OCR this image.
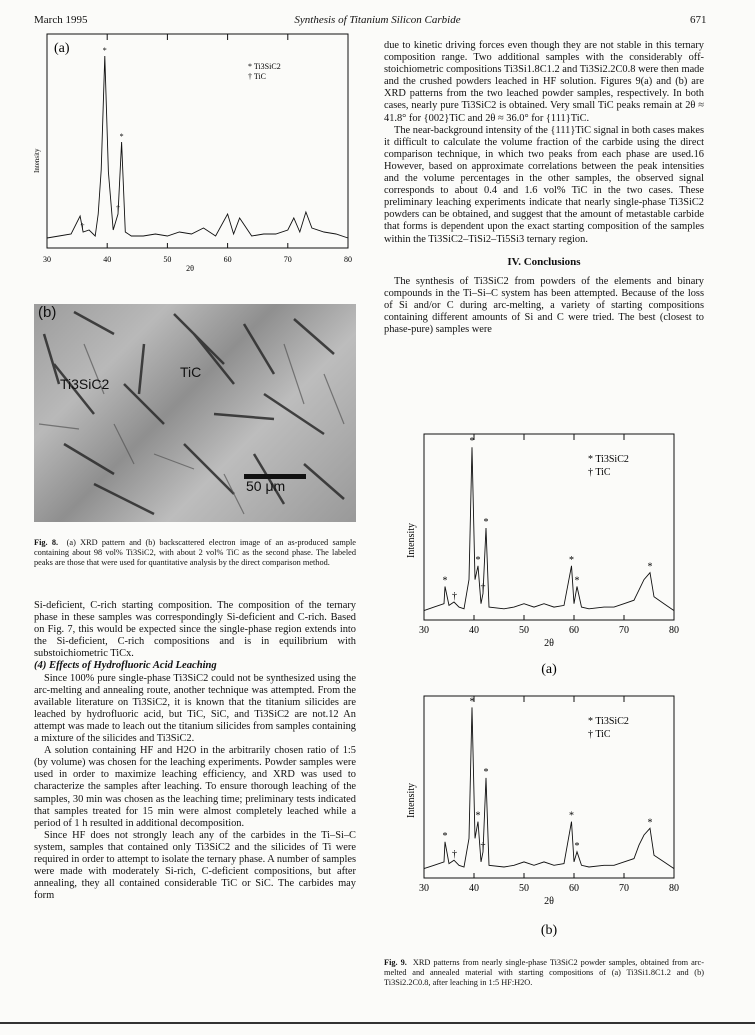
March 1995	Synthesis of Titanium Silicon Carbide	671
(a)
* Ti3SiC2
† TiC
Intensity
30	40	50	60	70	80
*
*
†
†
2θ
(b)
Ti3SiC2
TiC
50 μm
Fig. 8. (a) XRD pattern and (b) backscattered electron image of an as-produced sample containing about 98 vol% Ti3SiC2, with about 2 vol% TiC as the second phase. The labeled peaks are those that were used for quantitative analysis by the direct comparison method.

Si-deficient, C-rich starting composition. The composition of the ternary phase in these samples was correspondingly Si-deficient and C-rich. Based on Fig. 7, this would be expected since the single-phase region extends into the Si-deficient, C-rich compositions and is in equilibrium with substoichiometric TiCx.

(4) Effects of Hydrofluoric Acid Leaching

Since 100% pure single-phase Ti3SiC2 could not be synthesized using the arc-melting and annealing route, another technique was attempted. From the available literature on Ti3SiC2, it is known that the titanium silicides are leached by hydrofluoric acid, but TiC, SiC, and Ti3SiC2 are not.12 An attempt was made to leach out the titanium silicides from samples containing a mixture of the silicides and Ti3SiC2.

A solution containing HF and H2O in the arbitrarily chosen ratio of 1:5 (by volume) was chosen for the leaching experiments. Powder samples were used in order to maximize leaching efficiency, and XRD was used to characterize the samples after leaching. To ensure thorough leaching of the samples, 30 min was chosen as the leaching time; preliminary tests indicated that samples treated for 15 min were almost completely leached while a period of 1 h resulted in additional decomposition.

Since HF does not strongly leach any of the carbides in the Ti–Si–C system, samples that contained only Ti3SiC2 and the silicides of Ti were required in order to attempt to isolate the ternary phase. A number of samples were made with moderately Si-rich, C-deficient compositions, but after annealing, they all contained considerable TiC or SiC. The carbides may form

due to kinetic driving forces even though they are not stable in this ternary composition range. Two additional samples with the considerably off-stoichiometric compositions Ti3Si1.8C1.2 and Ti3Si2.2C0.8 were then made and the crushed powders leached in HF solution. Figures 9(a) and (b) are XRD patterns from the two leached powder samples, respectively. In both cases, nearly pure Ti3SiC2 is obtained. Very small TiC peaks remain at 2θ ≈ 41.8° for {002}TiC and 2θ ≈ 36.0° for {111}TiC.

The near-background intensity of the {111}TiC signal in both cases makes it difficult to calculate the volume fraction of the carbide using the direct comparison technique, in which two peaks from each phase are used.16 However, based on approximate correlations between the peak intensities and the volume percentages in the other samples, the observed signal corresponds to about 0.4 and 1.6 vol% TiC in the two cases. These preliminary leaching experiments indicate that nearly single-phase Ti3SiC2 powders can be obtained, and suggest that the amount of metastable carbide that forms is dependent upon the exact starting composition of the samples within the Ti3SiC2–TiSi2–Ti5Si3 ternary region.

IV. Conclusions

The synthesis of Ti3SiC2 from powders of the elements and binary compounds in the Ti–Si–C system has been attempted. Because of the loss of Si and/or C during arc-melting, a variety of starting compositions containing different amounts of Si and C were tried. The best (closest to phase-pure) samples were

* Ti3SiC2
† TiC
Intensity
30	40	50	60	70	80
*
*
*
*
*
*
*
†
†
2θ
(a)
* Ti3SiC2
† TiC
Intensity
30	40	50	60	70	80
*
*
*
*
*
*
*
†
†
2θ
(b)
Fig. 9. XRD patterns from nearly single-phase Ti3SiC2 powder samples, obtained from arc-melted and annealed material with starting compositions of (a) Ti3Si1.8C1.2 and (b) Ti3Si2.2C0.8, after leaching in 1:5 HF:H2O.
